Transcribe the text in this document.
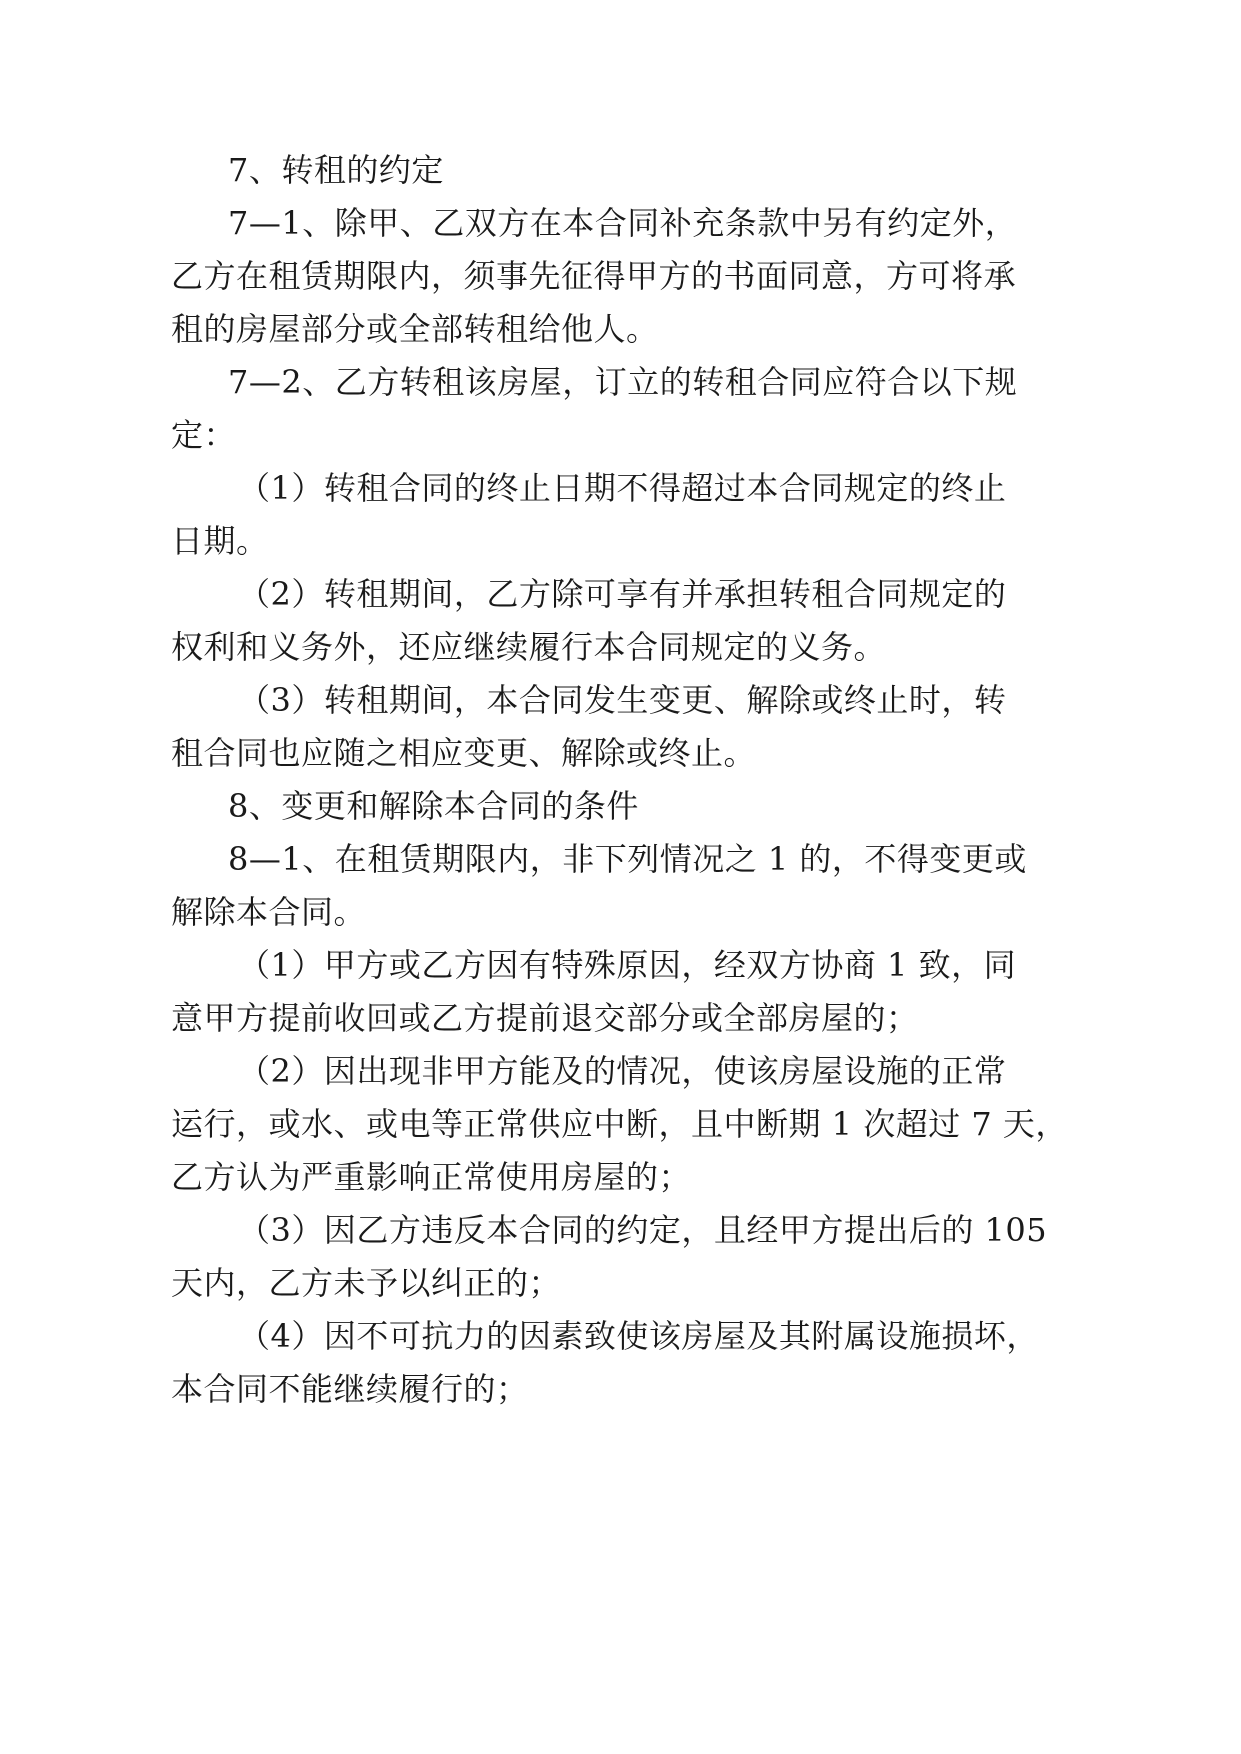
7、转租的约定
7—1、除甲、乙双方在本合同补充条款中另有约定外，
乙方在租赁期限内，须事先征得甲方的书面同意，方可将承
租的房屋部分或全部转租给他人。
7—2、乙方转租该房屋，订立的转租合同应符合以下规
定：
（1）转租合同的终止日期不得超过本合同规定的终止
日期。
（2）转租期间，乙方除可享有并承担转租合同规定的
权利和义务外，还应继续履行本合同规定的义务。
（3）转租期间，本合同发生变更、解除或终止时，转
租合同也应随之相应变更、解除或终止。
8、变更和解除本合同的条件
8—1、在租赁期限内，非下列情况之 1 的，不得变更或
解除本合同。
（1）甲方或乙方因有特殊原因，经双方协商 1 致，同
意甲方提前收回或乙方提前退交部分或全部房屋的；
（2）因出现非甲方能及的情况，使该房屋设施的正常
运行，或水、或电等正常供应中断，且中断期 1 次超过 7 天，
乙方认为严重影响正常使用房屋的；
（3）因乙方违反本合同的约定，且经甲方提出后的 105
天内，乙方未予以纠正的；
（4）因不可抗力的因素致使该房屋及其附属设施损坏，
本合同不能继续履行的；
